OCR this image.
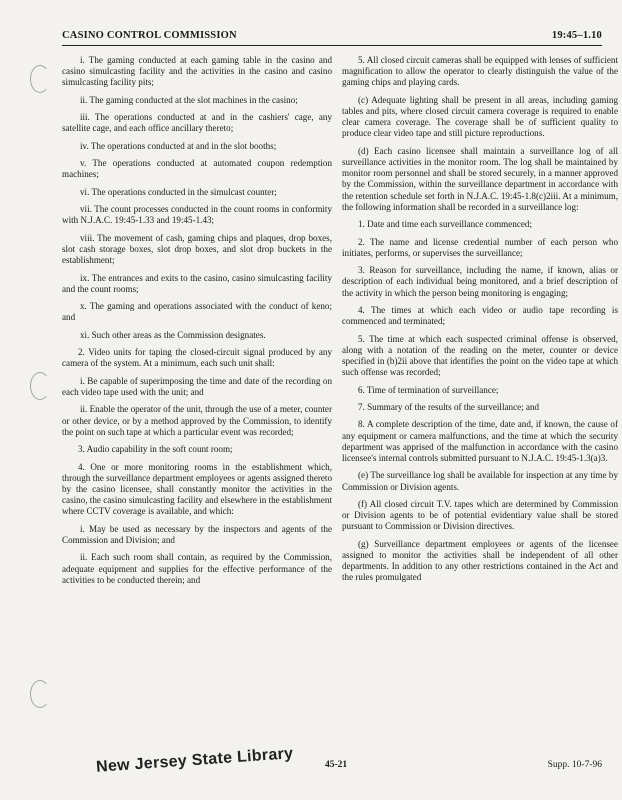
CASINO CONTROL COMMISSION	19:45–1.10

i. The gaming conducted at each gaming table in the casino and casino simulcasting facility and the activities in the casino and casino simulcasting facility pits;

ii. The gaming conducted at the slot machines in the casino;

iii. The operations conducted at and in the cashiers' cage, any satellite cage, and each office ancillary thereto;

iv. The operations conducted at and in the slot booths;

v. The operations conducted at automated coupon redemption machines;

vi. The operations conducted in the simulcast counter;

vii. The count processes conducted in the count rooms in conformity with N.J.A.C. 19:45-1.33 and 19:45-1.43;

viii. The movement of cash, gaming chips and plaques, drop boxes, slot cash storage boxes, slot drop boxes, and slot drop buckets in the establishment;

ix. The entrances and exits to the casino, casino simulcasting facility and the count rooms;

x. The gaming and operations associated with the conduct of keno; and

xi. Such other areas as the Commission designates.

2. Video units for taping the closed-circuit signal produced by any camera of the system. At a minimum, each such unit shall:

i. Be capable of superimposing the time and date of the recording on each video tape used with the unit; and

ii. Enable the operator of the unit, through the use of a meter, counter or other device, or by a method approved by the Commission, to identify the point on such tape at which a particular event was recorded;

3. Audio capability in the soft count room;

4. One or more monitoring rooms in the establishment which, through the surveillance department employees or agents assigned thereto by the casino licensee, shall constantly monitor the activities in the casino, the casino simulcasting facility and elsewhere in the establishment where CCTV coverage is available, and which:

i. May be used as necessary by the inspectors and agents of the Commission and Division; and

ii. Each such room shall contain, as required by the Commission, adequate equipment and supplies for the effective performance of the activities to be conducted therein; and

5. All closed circuit cameras shall be equipped with lenses of sufficient magnification to allow the operator to clearly distinguish the value of the gaming chips and playing cards.

(c) Adequate lighting shall be present in all areas, including gaming tables and pits, where closed circuit camera coverage is required to enable clear camera coverage. The coverage shall be of sufficient quality to produce clear video tape and still picture reproductions.

(d) Each casino licensee shall maintain a surveillance log of all surveillance activities in the monitor room. The log shall be maintained by monitor room personnel and shall be stored securely, in a manner approved by the Commission, within the surveillance department in accordance with the retention schedule set forth in N.J.A.C. 19:45-1.8(c)2iii. At a minimum, the following information shall be recorded in a surveillance log:

1. Date and time each surveillance commenced;

2. The name and license credential number of each person who initiates, performs, or supervises the surveillance;

3. Reason for surveillance, including the name, if known, alias or description of each individual being monitored, and a brief description of the activity in which the person being monitoring is engaging;

4. The times at which each video or audio tape recording is commenced and terminated;

5. The time at which each suspected criminal offense is observed, along with a notation of the reading on the meter, counter or device specified in (b)2ii above that identifies the point on the video tape at which such offense was recorded;

6. Time of termination of surveillance;

7. Summary of the results of the surveillance; and

8. A complete description of the time, date and, if known, the cause of any equipment or camera malfunctions, and the time at which the security department was apprised of the malfunction in accordance with the casino licensee's internal controls submitted pursuant to N.J.A.C. 19:45-1.3(a)3.

(e) The surveillance log shall be available for inspection at any time by Commission or Division agents.

(f) All closed circuit T.V. tapes which are determined by Commission or Division agents to be of potential evidentiary value shall be stored pursuant to Commission or Division directives.

(g) Surveillance department employees or agents of the licensee assigned to monitor the activities shall be independent of all other departments. In addition to any other restrictions contained in the Act and the rules promulgated

New Jersey State Library	45-21	Supp. 10-7-96
